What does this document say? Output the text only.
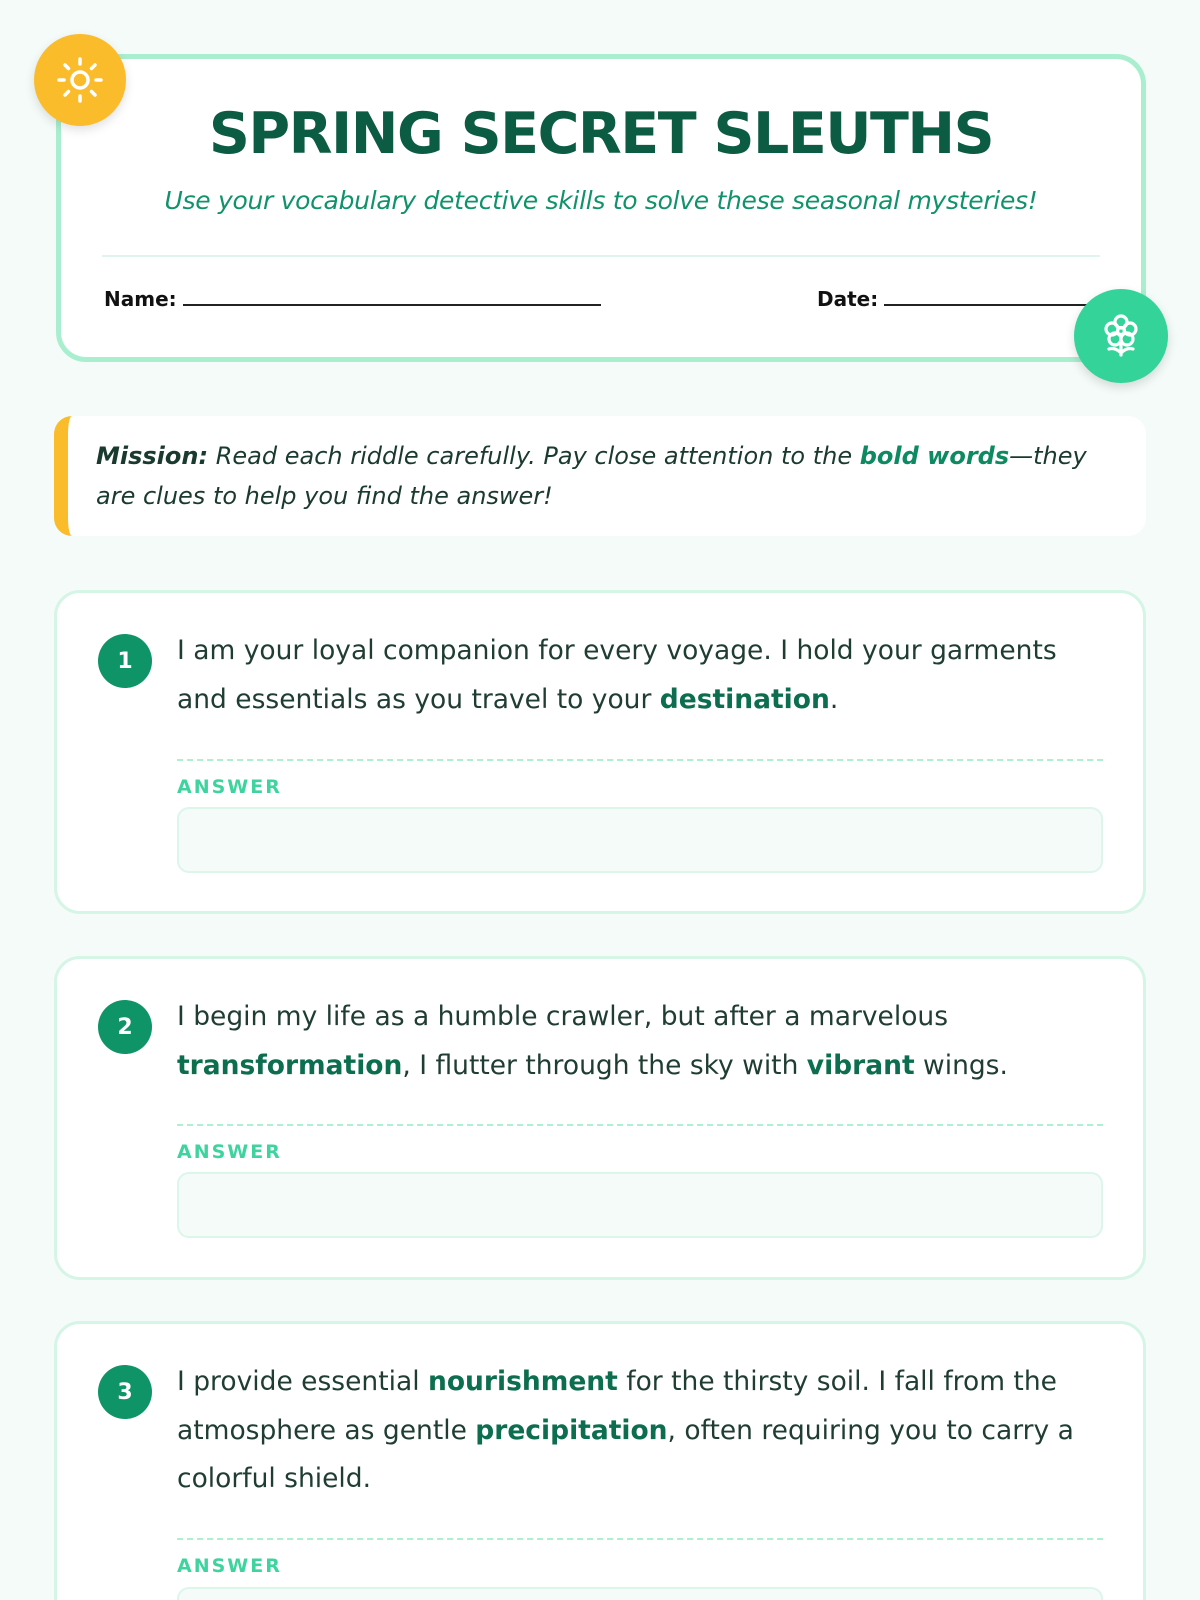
SPRING SECRET SLEUTHS

Use your vocabulary detective skills to solve these seasonal mysteries!

Name:	Date:
Mission: Read each riddle carefully. Pay close attention to the bold words—they are clues to help you find the answer!
1	I am your loyal companion for every voyage. I hold your garments and essentials as you travel to your destination.

ANSWER
2	I begin my life as a humble crawler, but after a marvelous transformation, I flutter through the sky with vibrant wings.

ANSWER
3	I provide essential nourishment for the thirsty soil. I fall from the atmosphere as gentle precipitation, often requiring you to carry a colorful shield.

ANSWER
